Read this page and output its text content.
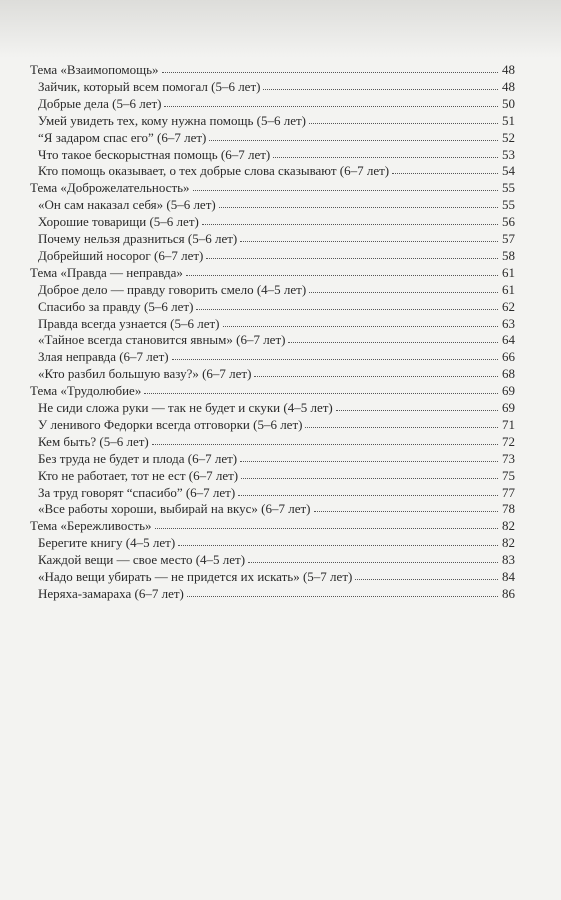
Тема «Взаимопомощь»	48
Зайчик, который всем помогал (5–6 лет)	48
Добрые дела (5–6 лет)	50
Умей увидеть тех, кому нужна помощь (5–6 лет)	51
“Я задаром спас его” (6–7 лет)	52
Что такое бескорыстная помощь (6–7 лет)	53
Кто помощь оказывает, о тех добрые слова сказывают (6–7 лет)	54
Тема «Доброжелательность»	55
«Он сам наказал себя» (5–6 лет)	55
Хорошие товарищи (5–6 лет)	56
Почему нельзя дразниться (5–6 лет)	57
Добрейший носорог (6–7 лет)	58
Тема «Правда — неправда»	61
Доброе дело — правду говорить смело (4–5 лет)	61
Спасибо за правду (5–6 лет)	62
Правда всегда узнается (5–6 лет)	63
«Тайное всегда становится явным» (6–7 лет)	64
Злая неправда (6–7 лет)	66
«Кто разбил большую вазу?» (6–7 лет)	68
Тема «Трудолюбие»	69
Не сиди сложа руки — так не будет и скуки (4–5 лет)	69
У ленивого Федорки всегда отговорки (5–6 лет)	71
Кем быть? (5–6 лет)	72
Без труда не будет и плода (6–7 лет)	73
Кто не работает, тот не ест (6–7 лет)	75
За труд говорят “спасибо” (6–7 лет)	77
«Все работы хороши, выбирай на вкус» (6–7 лет)	78
Тема «Бережливость»	82
Берегите книгу (4–5 лет)	82
Каждой вещи — свое место (4–5 лет)	83
«Надо вещи убирать — не придется их искать» (5–7 лет)	84
Неряха-замараха (6–7 лет)	86
